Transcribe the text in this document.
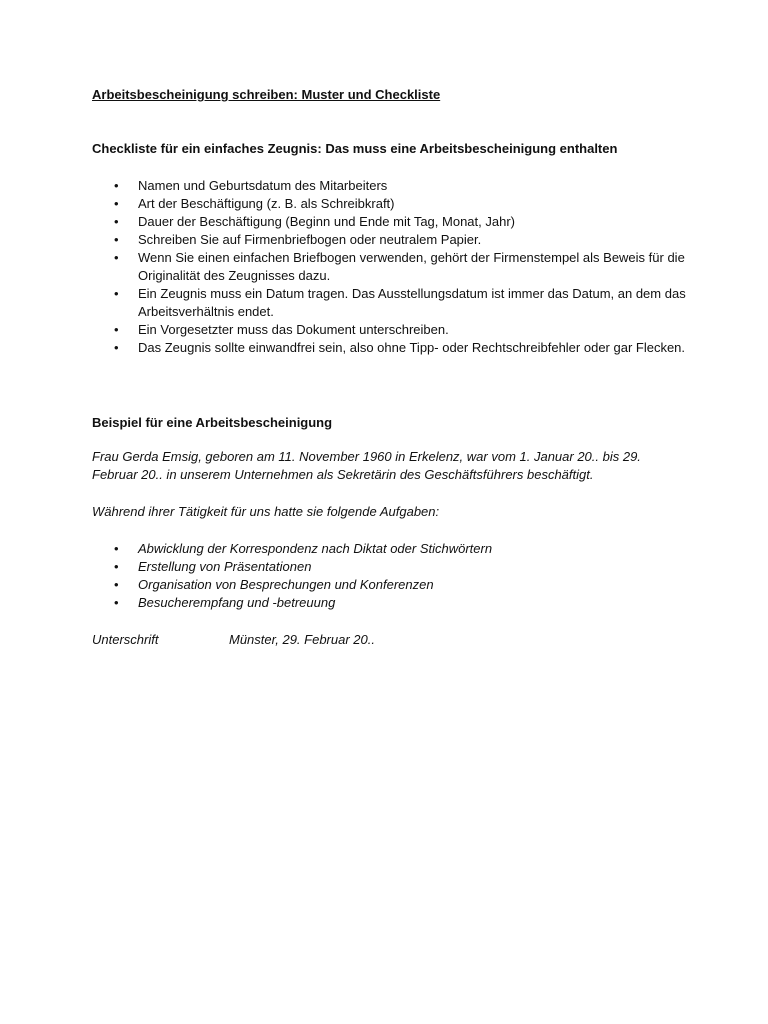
Arbeitsbescheinigung schreiben: Muster und Checkliste

Checkliste für ein einfaches Zeugnis: Das muss eine Arbeitsbescheinigung enthalten

• Namen und Geburtsdatum des Mitarbeiters
• Art der Beschäftigung (z. B. als Schreibkraft)
• Dauer der Beschäftigung (Beginn und Ende mit Tag, Monat, Jahr)
• Schreiben Sie auf Firmenbriefbogen oder neutralem Papier.
• Wenn Sie einen einfachen Briefbogen verwenden, gehört der Firmenstempel als Beweis für die Originalität des Zeugnisses dazu.
• Ein Zeugnis muss ein Datum tragen. Das Ausstellungsdatum ist immer das Datum, an dem das Arbeitsverhältnis endet.
• Ein Vorgesetzter muss das Dokument unterschreiben.
• Das Zeugnis sollte einwandfrei sein, also ohne Tipp- oder Rechtschreibfehler oder gar Flecken.

Beispiel für eine Arbeitsbescheinigung

Frau Gerda Emsig, geboren am 11. November 1960 in Erkelenz, war vom 1. Januar 20.. bis 29. Februar 20.. in unserem Unternehmen als Sekretärin des Geschäftsführers beschäftigt.

Während ihrer Tätigkeit für uns hatte sie folgende Aufgaben:

• Abwicklung der Korrespondenz nach Diktat oder Stichwörtern
• Erstellung von Präsentationen
• Organisation von Besprechungen und Konferenzen
• Besucherempfang und -betreuung
Unterschrift	Münster, 29. Februar 20..
